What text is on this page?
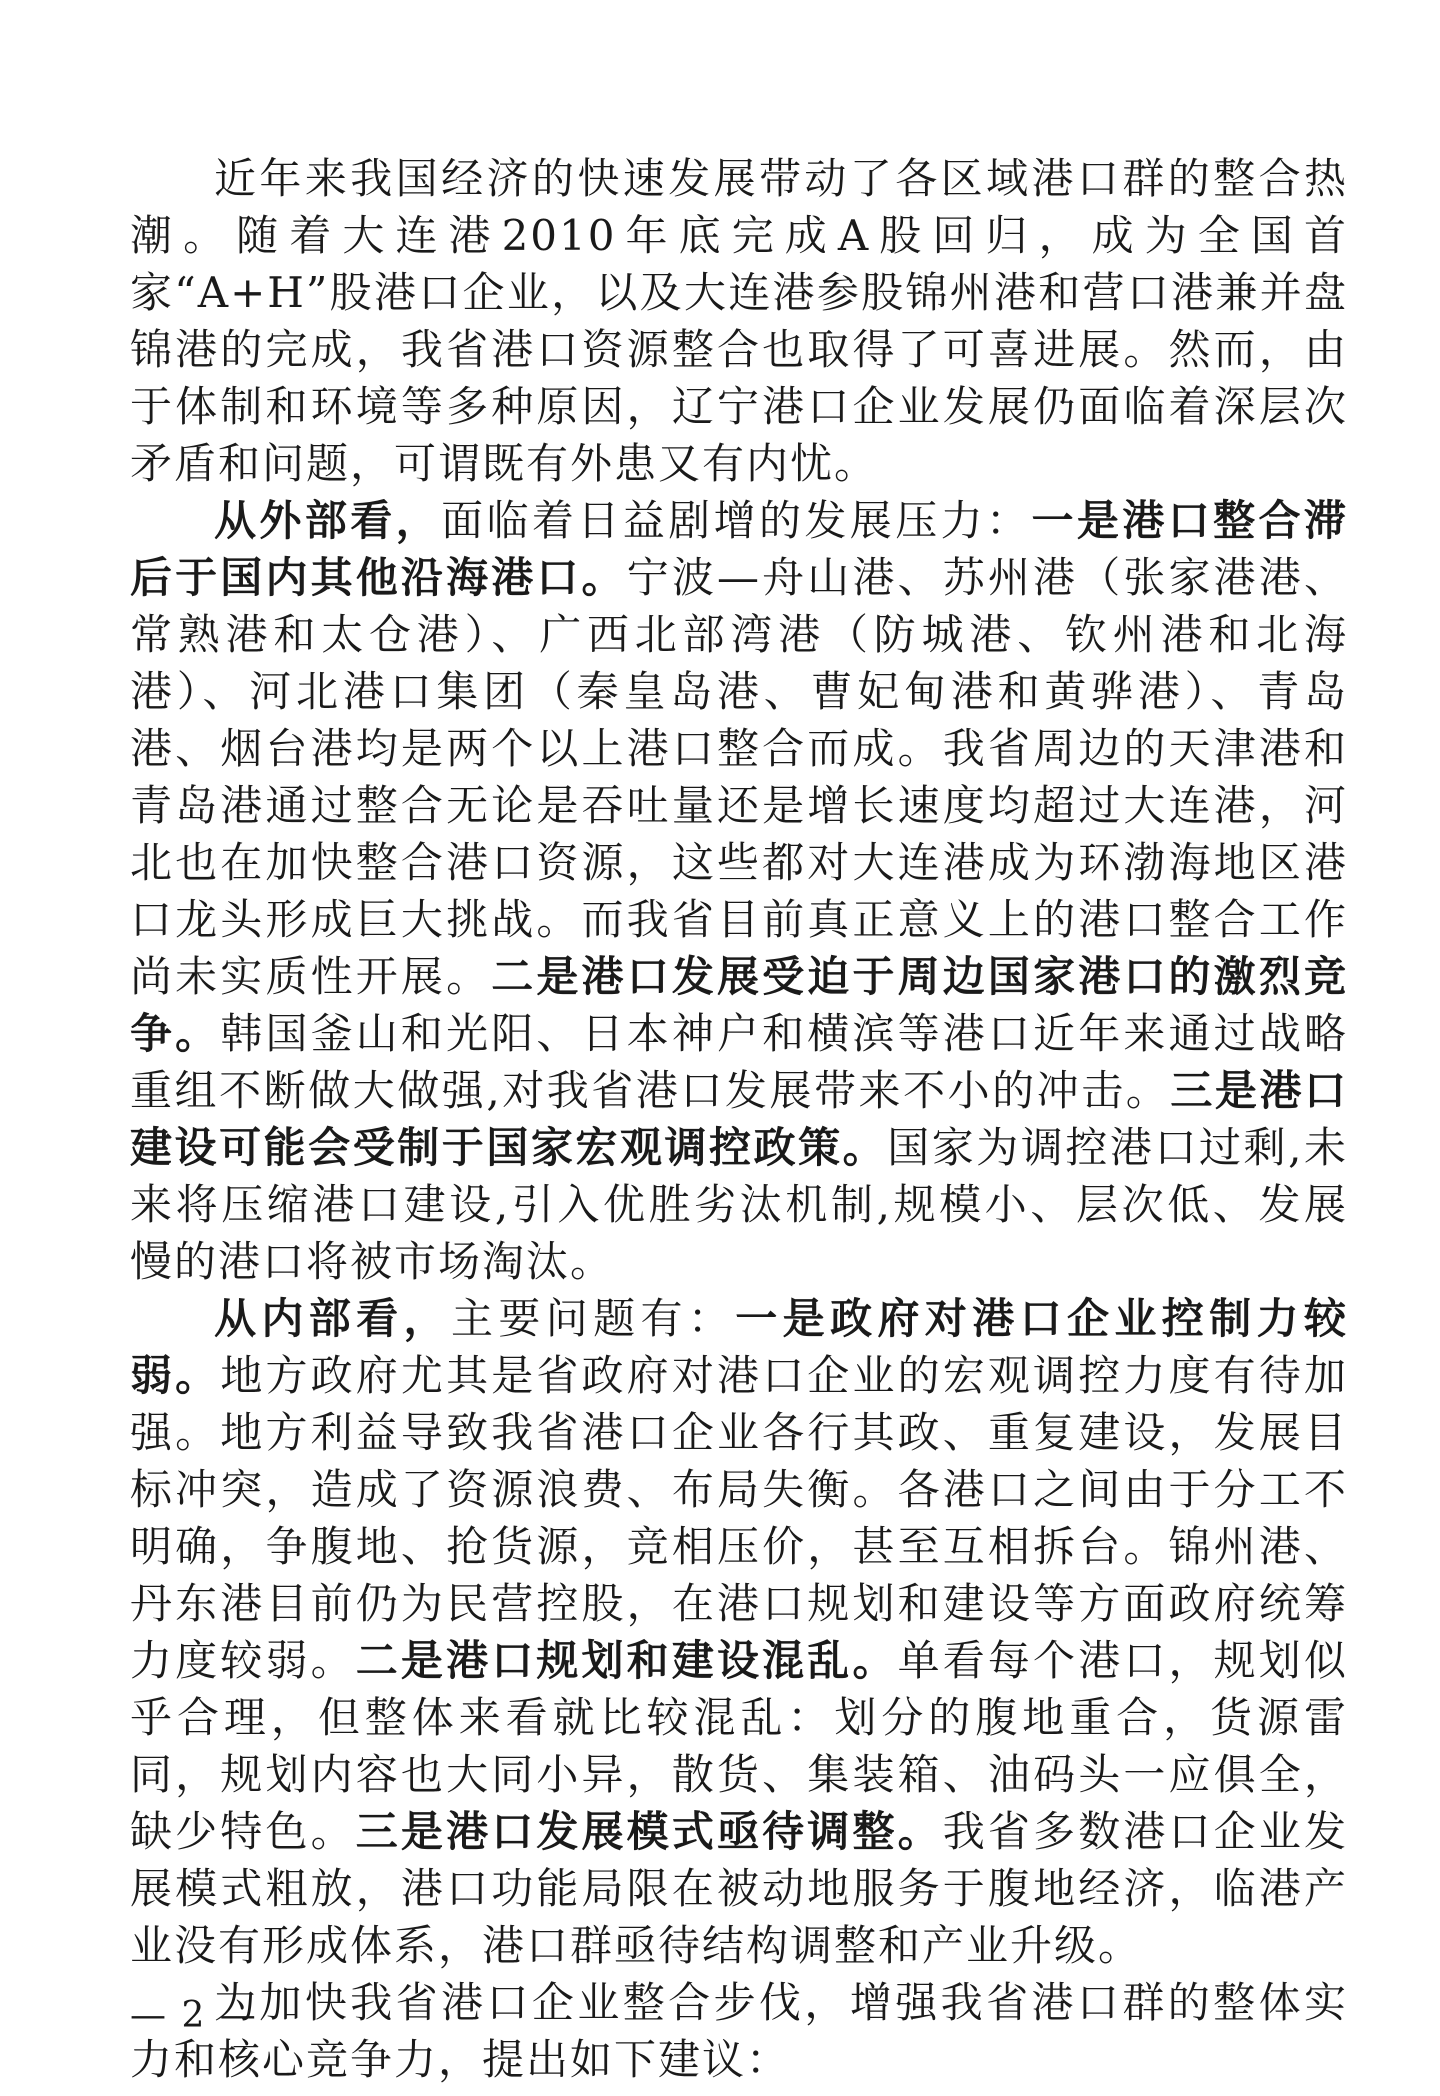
近年来我国经济的快速发展带动了各区域港口群的整合热潮。随着大连港2010年底完成A股回归，成为全国首家“A+H”股港口企业，以及大连港参股锦州港和营口港兼并盘锦港的完成，我省港口资源整合也取得了可喜进展。然而，由于体制和环境等多种原因，辽宁港口企业发展仍面临着深层次矛盾和问题，可谓既有外患又有内忧。

从外部看，面临着日益剧增的发展压力：一是港口整合滞后于国内其他沿海港口。宁波—舟山港、苏州港（张家港港、常熟港和太仓港）、广西北部湾港（防城港、钦州港和北海港）、河北港口集团（秦皇岛港、曹妃甸港和黄骅港）、青岛港、烟台港均是两个以上港口整合而成。我省周边的天津港和青岛港通过整合无论是吞吐量还是增长速度均超过大连港，河北也在加快整合港口资源，这些都对大连港成为环渤海地区港口龙头形成巨大挑战。而我省目前真正意义上的港口整合工作尚未实质性开展。二是港口发展受迫于周边国家港口的激烈竞争。韩国釜山和光阳、日本神户和横滨等港口近年来通过战略重组不断做大做强,对我省港口发展带来不小的冲击。三是港口建设可能会受制于国家宏观调控政策。国家为调控港口过剩,未来将压缩港口建设,引入优胜劣汰机制,规模小、层次低、发展慢的港口将被市场淘汰。

从内部看，主要问题有：一是政府对港口企业控制力较弱。地方政府尤其是省政府对港口企业的宏观调控力度有待加强。地方利益导致我省港口企业各行其政、重复建设，发展目标冲突，造成了资源浪费、布局失衡。各港口之间由于分工不明确，争腹地、抢货源，竞相压价，甚至互相拆台。锦州港、丹东港目前仍为民营控股，在港口规划和建设等方面政府统筹力度较弱。二是港口规划和建设混乱。单看每个港口，规划似乎合理，但整体来看就比较混乱：划分的腹地重合，货源雷同，规划内容也大同小异，散货、集装箱、油码头一应俱全，缺少特色。三是港口发展模式亟待调整。我省多数港口企业发展模式粗放，港口功能局限在被动地服务于腹地经济，临港产业没有形成体系，港口群亟待结构调整和产业升级。

为加快我省港口企业整合步伐，增强我省港口群的整体实力和核心竞争力，提出如下建议：

— 2 —
